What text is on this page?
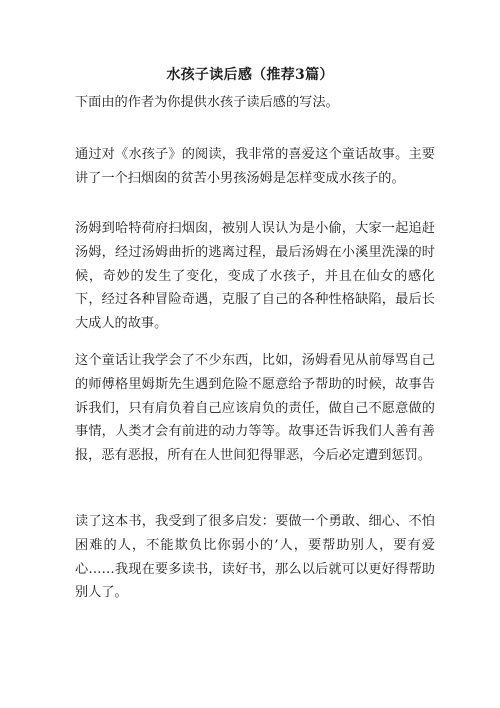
水孩子读后感（推荐3篇）
下面由的作者为你提供水孩子读后感的写法。
通过对《水孩子》的阅读，我非常的喜爱这个童话故事。主要讲了一个扫烟囱的贫苦小男孩汤姆是怎样变成水孩子的。
汤姆到哈特荷府扫烟囱，被别人误认为是小偷，大家一起追赶汤姆，经过汤姆曲折的逃离过程，最后汤姆在小溪里洗澡的时候，奇妙的发生了变化，变成了水孩子，并且在仙女的感化下，经过各种冒险奇遇，克服了自己的各种性格缺陷，最后长大成人的故事。
这个童话让我学会了不少东西，比如，汤姆看见从前辱骂自己的师傅格里姆斯先生遇到危险不愿意给予帮助的时候，故事告诉我们，只有肩负着自己应该肩负的责任，做自己不愿意做的事情，人类才会有前进的动力等等。故事还告诉我们人善有善报，恶有恶报，所有在人世间犯得罪恶，今后必定遭到惩罚。
读了这本书，我受到了很多启发：要做一个勇敢、细心、不怕困难的人，不能欺负比你弱小的’人，要帮助别人，要有爱心……我现在要多读书，读好书，那么以后就可以更好得帮助别人了。
